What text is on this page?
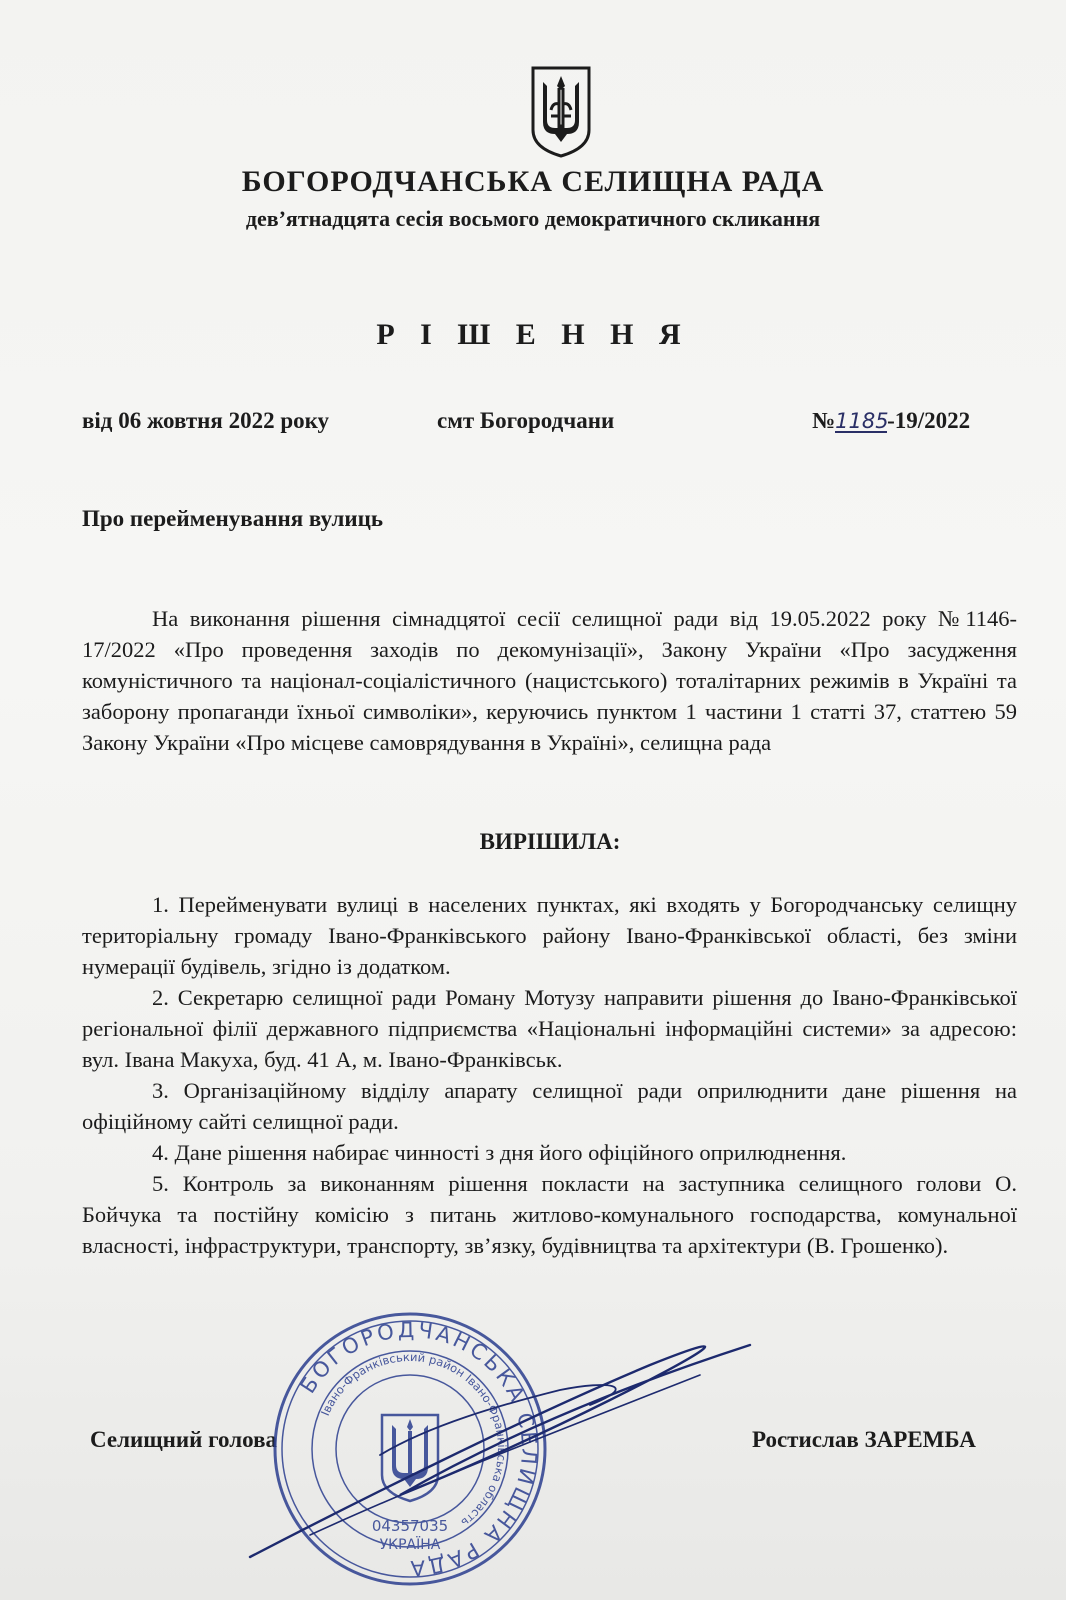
БОГОРОДЧАНСЬКА СЕЛИЩНА РАДА
дев’ятнадцята сесія восьмого демократичного скликання
Р І Ш Е Н Н Я
від 06 жовтня 2022 року	смт Богородчани	№1185-19/2022
Про перейменування вулиць

На виконання рішення сімнадцятої сесії селищної ради від 19.05.2022 року №1146-17/2022 «Про проведення заходів по декомунізації», Закону України «Про засудження комуністичного та націонал-соціалістичного (нацистського) тоталітарних режимів в Україні та заборону пропаганди їхньої символіки», керуючись пунктом 1 частини 1 статті 37, статтею 59 Закону України «Про місцеве самоврядування в Україні», селищна рада

ВИРІШИЛА:

1. Перейменувати вулиці в населених пунктах, які входять у Богородчанську селищну територіальну громаду Івано-Франківського району Івано-Франківської області, без зміни нумерації будівель, згідно із додатком.

2. Секретарю селищної ради Роману Мотузу направити рішення до Івано-Франківської регіональної філії державного підприємства «Національні інформаційні системи» за адресою: вул. Івана Макуха, буд. 41 А, м. Івано-Франківськ.

3. Організаційному відділу апарату селищної ради оприлюднити дане рішення на офіційному сайті селищної ради.

4. Дане рішення набирає чинності з дня його офіційного оприлюднення.

5. Контроль за виконанням рішення покласти на заступника селищного голови О. Бойчука та постійну комісію з питань житлово-комунального господарства, комунальної власності, інфраструктури, транспорту, зв’язку, будівництва та архітектури (В. Грошенко).

Селищний голова	Ростислав ЗАРЕМБА
БОГОРОДЧАНСЬКА СЕЛИЩНА РАДА
Івано-Франківський район Івано-Франківська область
04357035
УКРАЇНА
